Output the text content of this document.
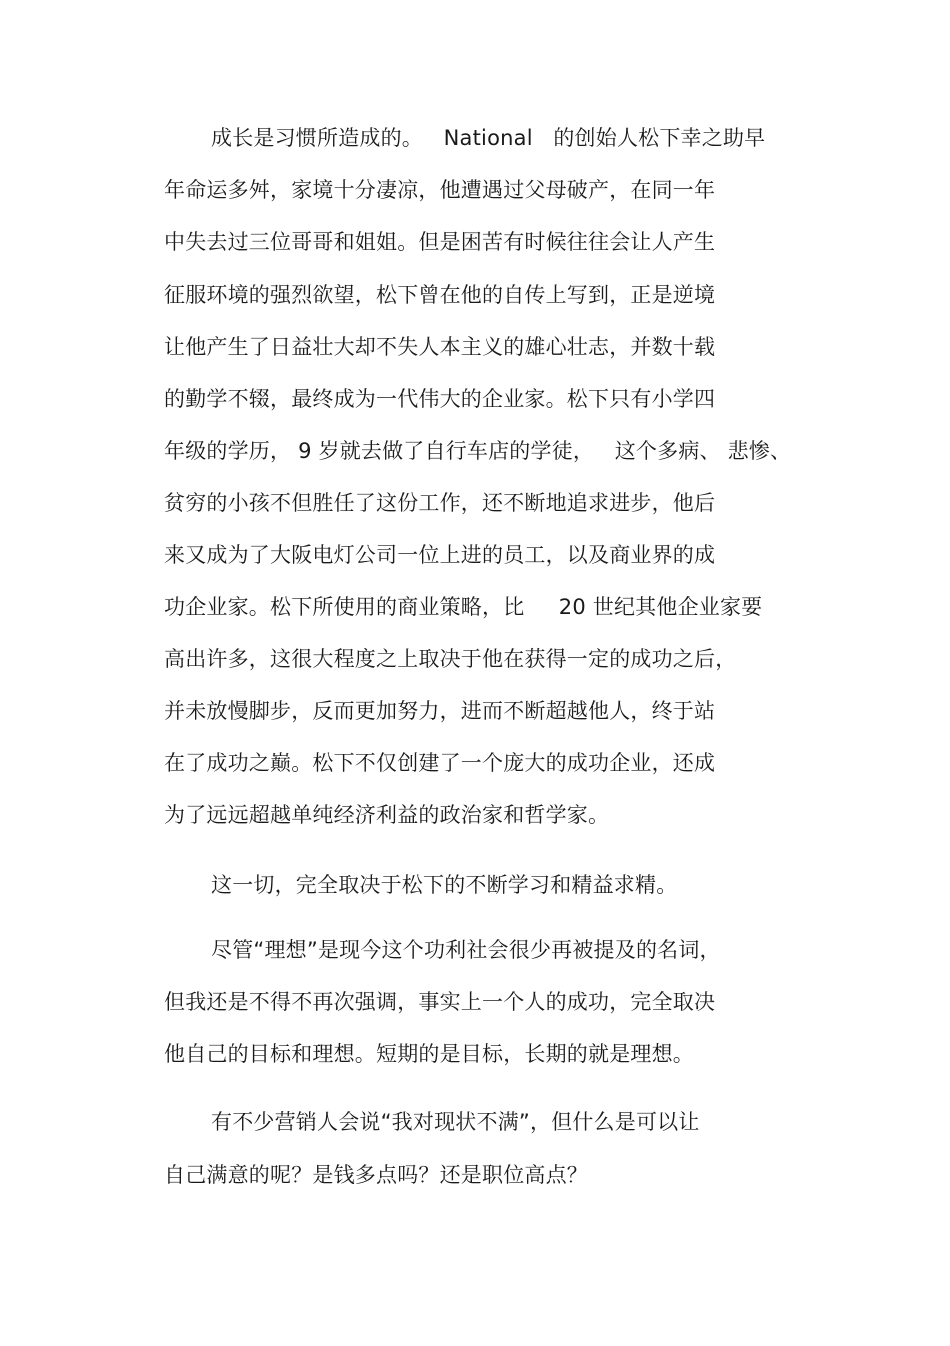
成长是习惯所造成的。   National   的创始人松下幸之助早
年命运多舛，家境十分凄凉，他遭遇过父母破产，在同一年
中失去过三位哥哥和姐姐。但是困苦有时候往往会让人产生
征服环境的强烈欲望，松下曾在他的自传上写到，正是逆境
让他产生了日益壮大却不失人本主义的雄心壮志，并数十载
的勤学不辍，最终成为一代伟大的企业家。松下只有小学四
年级的学历， 9 岁就去做了自行车店的学徒，   这个多病、 悲惨、
贫穷的小孩不但胜任了这份工作，还不断地追求进步，他后
来又成为了大阪电灯公司一位上进的员工，以及商业界的成
功企业家。松下所使用的商业策略，比     20 世纪其他企业家要
高出许多，这很大程度之上取决于他在获得一定的成功之后，
并未放慢脚步，反而更加努力，进而不断超越他人，终于站
在了成功之巅。松下不仅创建了一个庞大的成功企业，还成
为了远远超越单纯经济利益的政治家和哲学家。
这一切，完全取决于松下的不断学习和精益求精。
尽管“理想”是现今这个功利社会很少再被提及的名词，
但我还是不得不再次强调，事实上一个人的成功，完全取决
他自己的目标和理想。短期的是目标，长期的就是理想。
有不少营销人会说“我对现状不满”，但什么是可以让
自己满意的呢？是钱多点吗？还是职位高点？
